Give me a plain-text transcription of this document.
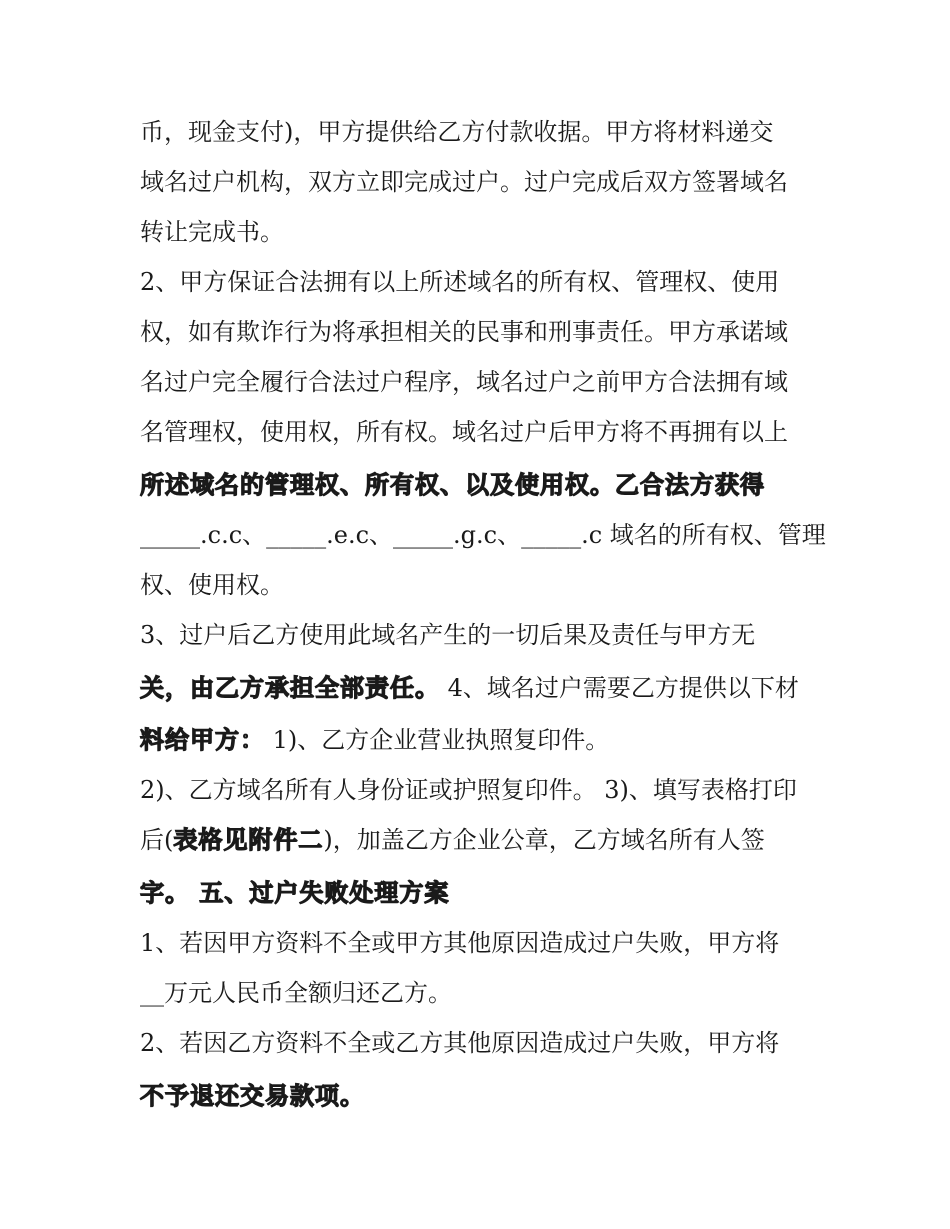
币，现金支付)，甲方提供给乙方付款收据。甲方将材料递交
域名过户机构，双方立即完成过户。过户完成后双方签署域名
转让完成书。
2、甲方保证合法拥有以上所述域名的所有权、管理权、使用
权，如有欺诈行为将承担相关的民事和刑事责任。甲方承诺域
名过户完全履行合法过户程序，域名过户之前甲方合法拥有域
名管理权，使用权，所有权。域名过户后甲方将不再拥有以上
所述域名的管理权、所有权、以及使用权。乙合法方获得
_____.c.c、_____.e.c、_____.g.c、_____.c 域名的所有权、管理
权、使用权。
3、过户后乙方使用此域名产生的一切后果及责任与甲方无
关，由乙方承担全部责任。 4、域名过户需要乙方提供以下材
料给甲方： 1)、乙方企业营业执照复印件。
2)、乙方域名所有人身份证或护照复印件。 3)、填写表格打印
后(表格见附件二)，加盖乙方企业公章，乙方域名所有人签
字。 五、过户失败处理方案
1、若因甲方资料不全或甲方其他原因造成过户失败，甲方将
__万元人民币全额归还乙方。
2、若因乙方资料不全或乙方其他原因造成过户失败，甲方将
不予退还交易款项。
